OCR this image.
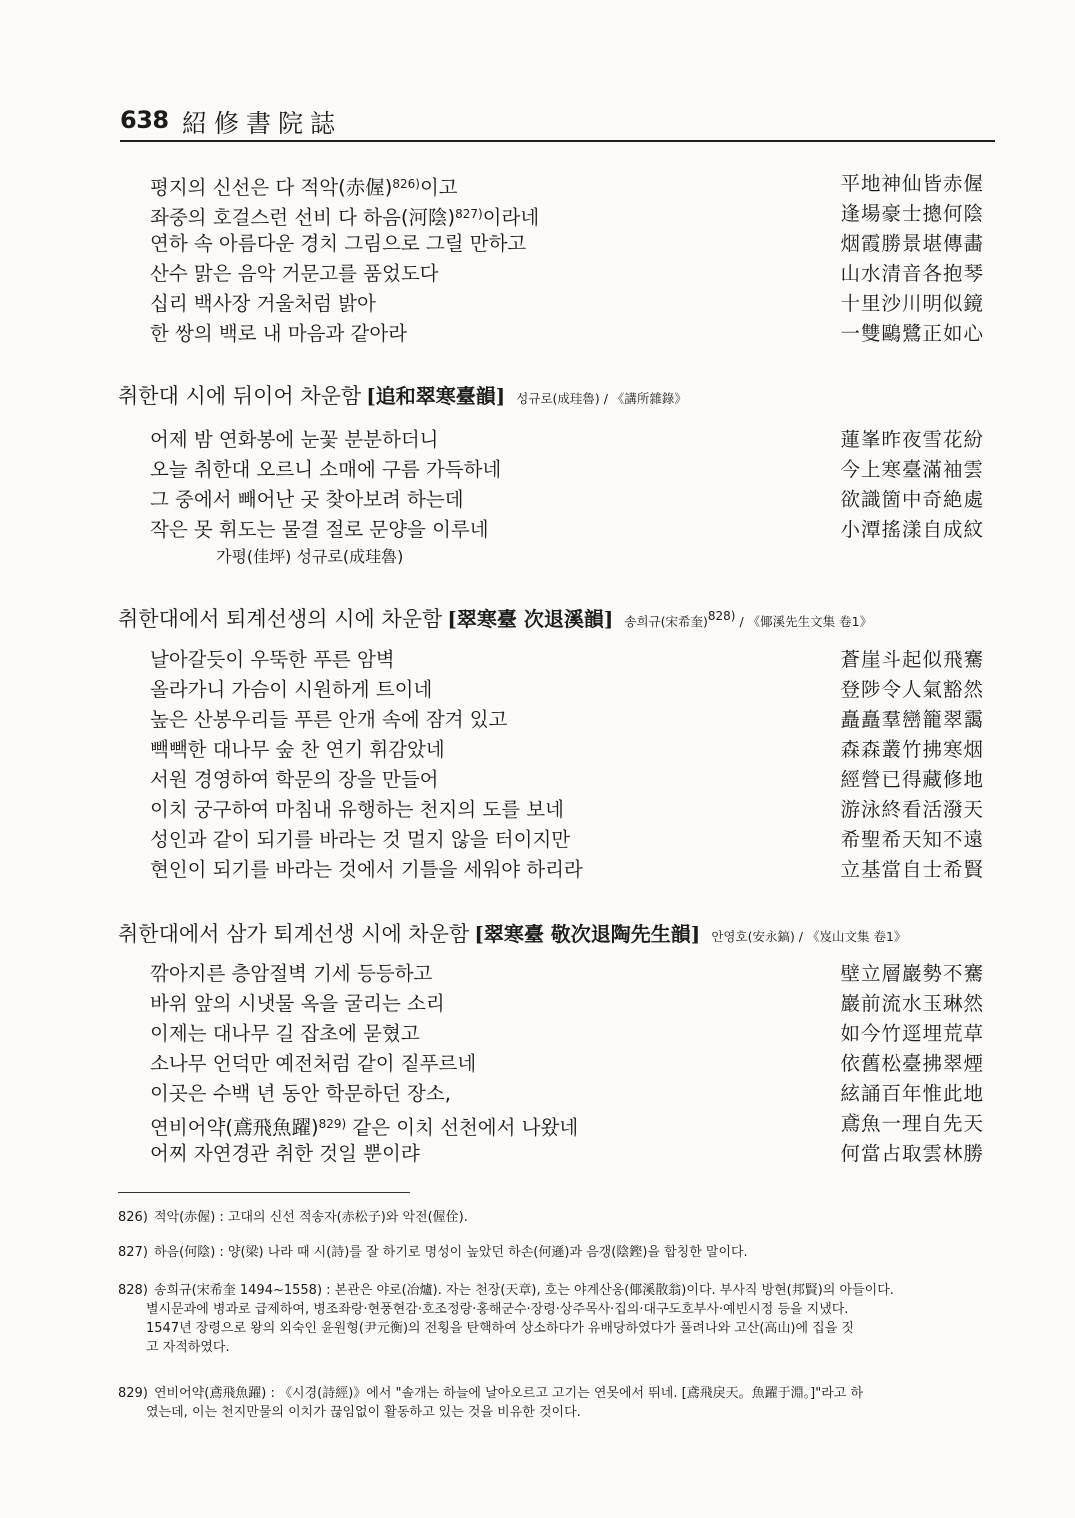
638 紹修書院誌
평지의 신선은 다 적악(赤偓)$^{826)}$이고	平地神仙皆赤偓
좌중의 호걸스런 선비 다 하음(河陰)$^{827)}$이라네	逢場豪士摠何陰
연하 속 아름다운 경치 그림으로 그릴 만하고	烟霞勝景堪傳畵
산수 맑은 음악 거문고를 품었도다	山水清音各抱琴
십리 백사장 거울처럼 밝아	十里沙川明似鏡
한 쌍의 백로 내 마음과 같아라	一雙鷗鷺正如心
취한대 시에 뒤이어 차운함 [追和翠寒臺韻] 성규로(成珪魯) / 《講所雜錄》
어제 밤 연화봉에 눈꽃 분분하더니	蓮峯昨夜雪花紛
오늘 취한대 오르니 소매에 구름 가득하네	今上寒臺滿袖雲
그 중에서 빼어난 곳 찾아보려 하는데	欲識箇中奇絶處
작은 못 휘도는 물결 절로 문양을 이루네	小潭搖漾自成紋
가평(佳坪) 성규로(成珪魯)
취한대에서 퇴계선생의 시에 차운함 [翠寒臺 次退溪韻] 송희규(宋希奎)828) / 《倻溪先生文集 卷1》
날아갈듯이 우뚝한 푸른 암벽	蒼崖斗起似飛騫
올라가니 가슴이 시원하게 트이네	登陟令人氣豁然
높은 산봉우리들 푸른 안개 속에 잠겨 있고	矗矗羣巒籠翠靄
빽빽한 대나무 숲 찬 연기 휘감았네	森森叢竹拂寒烟
서원 경영하여 학문의 장을 만들어	經營已得藏修地
이치 궁구하여 마침내 유행하는 천지의 도를 보네	游泳終看活潑天
성인과 같이 되기를 바라는 것 멀지 않을 터이지만	希聖希天知不遠
현인이 되기를 바라는 것에서 기틀을 세워야 하리라	立基當自士希賢
취한대에서 삼가 퇴계선생 시에 차운함 [翠寒臺 敬次退陶先生韻] 안영호(安永鎬) / 《岌山文集 卷1》
깎아지른 층암절벽 기세 등등하고	壁立層巖勢不騫
바위 앞의 시냇물 옥을 굴리는 소리	巖前流水玉琳然
이제는 대나무 길 잡초에 묻혔고	如今竹逕埋荒草
소나무 언덕만 예전처럼 같이 짙푸르네	依舊松臺拂翠煙
이곳은 수백 년 동안 학문하던 장소,	絃誦百年惟此地
연비어약(鳶飛魚躍)$^{829)}$ 같은 이치 선천에서 나왔네	鳶魚一理自先天
어찌 자연경관 취한 것일 뿐이랴	何當占取雲林勝
826) 적악(赤偓) : 고대의 신선 적송자(赤松子)와 악전(偓佺).
827) 하음(何陰) : 양(梁) 나라 때 시(詩)를 잘 하기로 명성이 높았던 하손(何遜)과 음갱(陰鏗)을 합칭한 말이다.
828) 송희규(宋希奎 1494~1558) : 본관은 야로(冶爐). 자는 천장(天章), 호는 야계산옹(倻溪散翁)이다. 부사직 방현(邦賢)의 아들이다.
별시문과에 병과로 급제하여, 병조좌랑·현풍현감·호조정랑·홍해군수·장령·상주목사·집의·대구도호부사·예빈시정 등을 지냈다.
1547년 장령으로 왕의 외숙인 윤원형(尹元衡)의 전횡을 탄핵하여 상소하다가 유배당하였다가 풀려나와 고산(高山)에 집을 짓
고 자적하였다.
829) 연비어약(鳶飛魚躍) : 《시경(詩經)》에서 "솔개는 하늘에 날아오르고 고기는 연못에서 뛰네. [鳶飛戾天。魚躍于淵。]"라고 하
였는데, 이는 천지만물의 이치가 끊임없이 활동하고 있는 것을 비유한 것이다.
